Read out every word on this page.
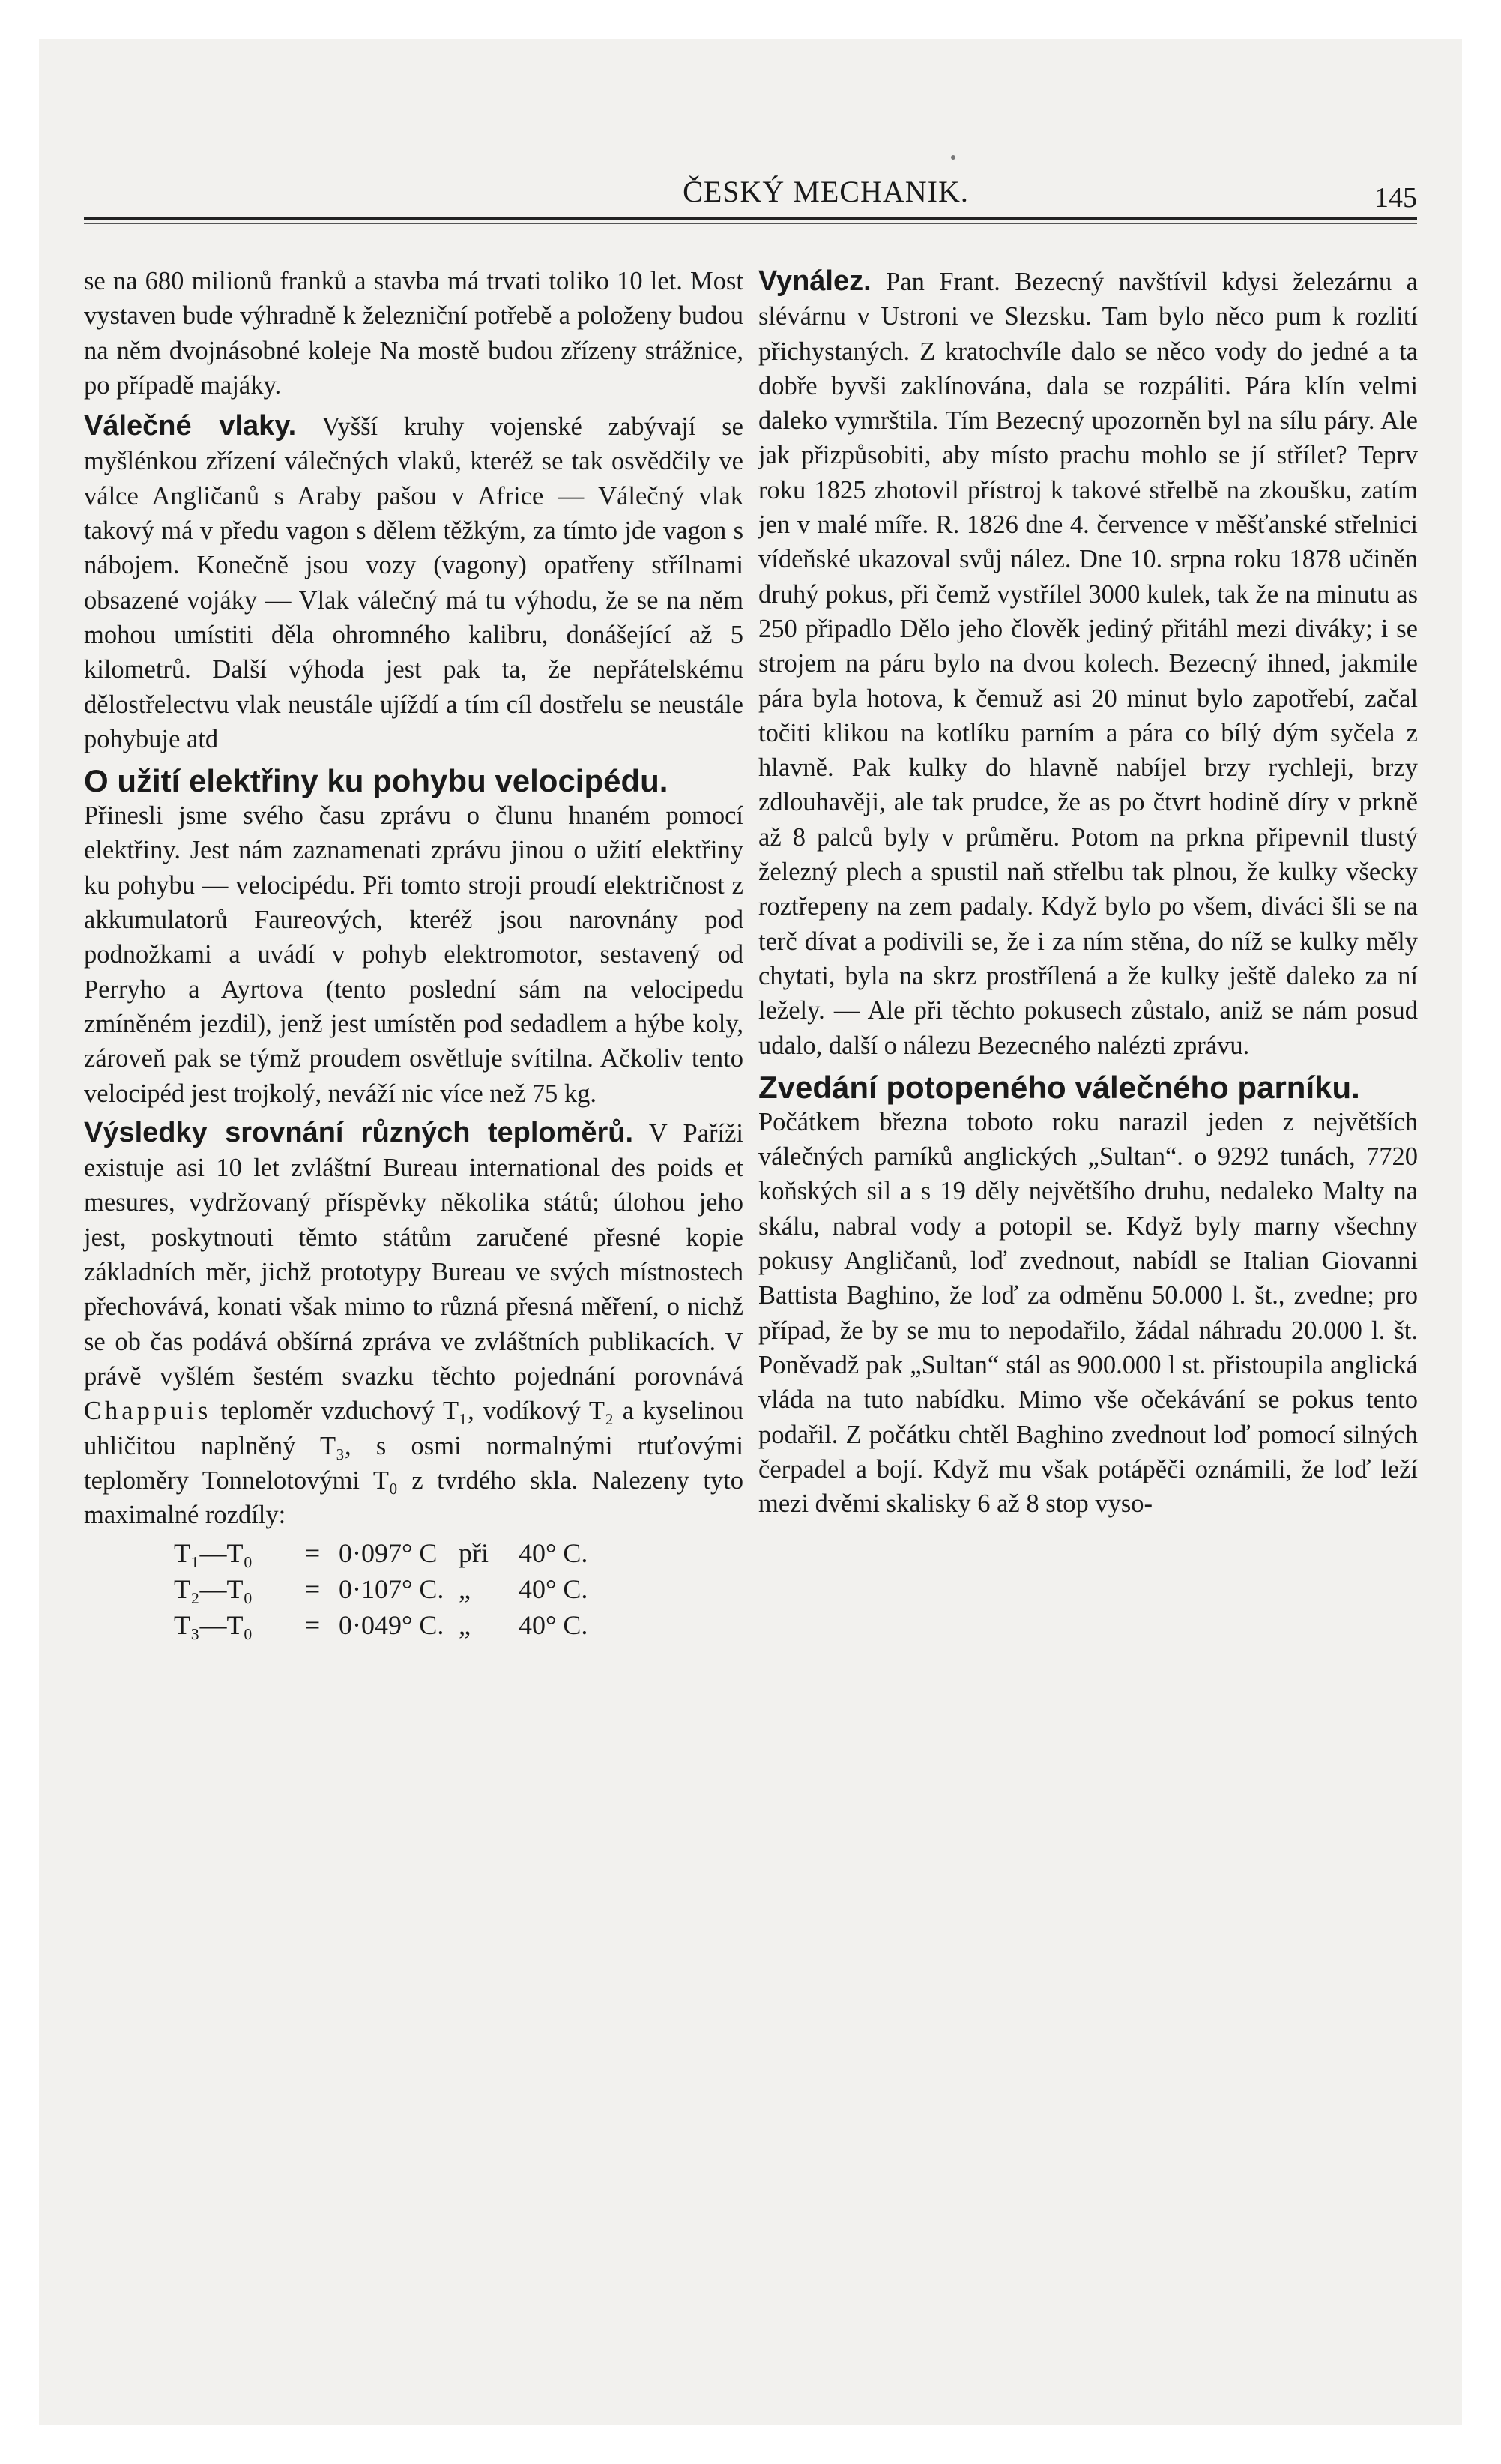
ČESKÝ MECHANIK.	145

se na 680 milionů franků a stavba má trvati toliko 10 let. Most vystaven bude výhradně k železniční potřebě a položeny budou na něm dvojnásobné koleje Na mostě budou zřízeny strážnice, po případě majáky.

Válečné vlaky. Vyšší kruhy vojenské zabývají se myšlénkou zřízení válečných vlaků, kteréž se tak osvědčily ve válce Angličanů s Araby pašou v Africe — Válečný vlak takový má v předu vagon s dělem těžkým, za tímto jde vagon s nábojem. Konečně jsou vozy (vagony) opatřeny střílnami obsazené vojáky — Vlak válečný má tu výhodu, že se na něm mohou umístiti děla ohromného kalibru, donášející až 5 kilometrů. Další výhoda jest pak ta, že nepřátelskému dělostřelectvu vlak neustále ujíždí a tím cíl dostřelu se neustále pohybuje atd

O užití elektřiny ku pohybu velocipédu.
Přinesli jsme svého času zprávu o člunu hnaném pomocí elektřiny. Jest nám zaznamenati zprávu jinou o užití elektřiny ku pohybu — velocipédu. Při tomto stroji proudí električnost z akkumulatorů Faureových, kteréž jsou narovnány pod podnožkami a uvádí v pohyb elektromotor, sestavený od Perryho a Ayrtova (tento poslední sám na velocipedu zmíněném jezdil), jenž jest umístěn pod sedadlem a hýbe koly, zároveň pak se týmž proudem osvětluje svítilna. Ačkoliv tento velocipéd jest trojkolý, neváží nic více než 75 kg.

Výsledky srovnání různých teploměrů. V Paříži existuje asi 10 let zvláštní Bureau international des poids et mesures, vydržovaný příspěvky několika států; úlohou jeho jest, poskytnouti těmto státům zaručené přesné kopie základních měr, jichž prototypy Bureau ve svých místnostech přechovává, konati však mimo to různá přesná měření, o nichž se ob čas podává obšírná zpráva ve zvláštních publikacích. V právě vyšlém šestém svazku těchto pojednání porovnává Chappuis teploměr vzduchový T₁, vodíkový T₂ a kyselinou uhličitou naplněný T₃, s osmi normalnými rtuťovými teploměry Tonnelotovými T₀ z tvrdého skla. Nalezeny tyto maximalné rozdíly:

T₁—T₀ = 0·097° C při 40° C.
T₂—T₀ = 0·107° C. „ 40° C.
T₃—T₀ = 0·049° C. „ 40° C.

Vynález. Pan Frant. Bezecný navštívil kdysi železárnu a slévárnu v Ustroni ve Slezsku. Tam bylo něco pum k rozlití přichystaných. Z kratochvíle dalo se něco vody do jedné a ta dobře byvši zaklínována, dala se rozpáliti. Pára klín velmi daleko vymrštila. Tím Bezecný upozorněn byl na sílu páry. Ale jak přizpůsobiti, aby místo prachu mohlo se jí střílet? Teprv roku 1825 zhotovil přístroj k takové střelbě na zkoušku, zatím jen v malé míře. R. 1826 dne 4. července v měšťanské střelnici vídeňské ukazoval svůj nález. Dne 10. srpna roku 1878 učiněn druhý pokus, při čemž vystřílel 3000 kulek, tak že na minutu as 250 připadlo Dělo jeho člověk jediný přitáhl mezi diváky; i se strojem na páru bylo na dvou kolech. Bezecný ihned, jakmile pára byla hotova, k čemuž asi 20 minut bylo zapotřebí, začal točiti klikou na kotlíku parním a pára co bílý dým syčela z hlavně. Pak kulky do hlavně nabíjel brzy rychleji, brzy zdlouhavěji, ale tak prudce, že as po čtvrt hodině díry v prkně až 8 palců byly v průměru. Potom na prkna připevnil tlustý železný plech a spustil naň střelbu tak plnou, že kulky všecky roztřepeny na zem padaly. Když bylo po všem, diváci šli se na terč dívat a podivili se, že i za ním stěna, do níž se kulky měly chytati, byla na skrz prostřílená a že kulky ještě daleko za ní ležely. — Ale při těchto pokusech zůstalo, aniž se nám posud udalo, další o nálezu Bezecného nalézti zprávu.

Zvedání potopeného válečného parníku.
Počátkem března toboto roku narazil jeden z největších válečných parníků anglických „Sultan“. o 9292 tunách, 7720 koňských sil a s 19 děly největšího druhu, nedaleko Malty na skálu, nabral vody a potopil se. Když byly marny všechny pokusy Angličanů, loď zvednout, nabídl se Italian Giovanni Battista Baghino, že loď za odměnu 50.000 l. št., zvedne; pro případ, že by se mu to nepodařilo, žádal náhradu 20.000 l. št. Poněvadž pak „Sultan“ stál as 900.000 l st. přistoupila anglická vláda na tuto nabídku. Mimo vše očekávání se pokus tento podařil. Z počátku chtěl Baghino zvednout loď pomocí silných čerpadel a bojí. Když mu však potápěči oznámili, že loď leží mezi dvěmi skalisky 6 až 8 stop vyso-
